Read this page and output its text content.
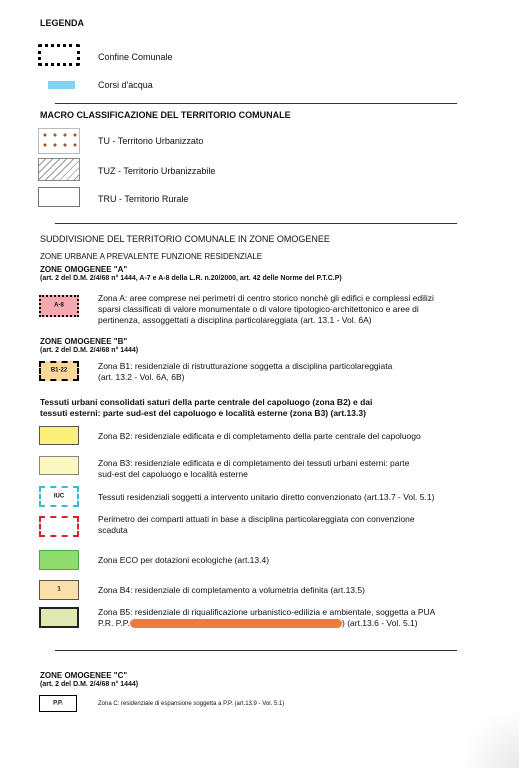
LEGENDA
Confine Comunale
Corsi d'acqua
MACRO CLASSIFICAZIONE DEL TERRITORIO COMUNALE
TU - Territorio Urbanizzato
TUZ - Territorio Urbanizzabile
TRU - Territorio Rurale
SUDDIVISIONE DEL TERRITORIO COMUNALE IN ZONE OMOGENEE
ZONE URBANE A PREVALENTE FUNZIONE RESIDENZIALE
ZONE OMOGENEE "A"
(art. 2 del D.M. 2/4/68 n° 1444, A-7 e A-8 della L.R. n.20/2000, art. 42 delle Norme del P.T.C.P)
A-8
Zona A: aree comprese nei perimetri di centro storico nonchè gli edifici e complessi edilizi
sparsi classificati di valore monumentale o di valore tipologico-architettonico e aree di
pertinenza, assoggettati a disciplina particolareggiata (art. 13.1 - Vol. 6A)
ZONE OMOGENEE "B"
(art. 2 del D.M. 2/4/68 n° 1444)
B1-22	Zona B1: residenziale di ristrutturazione soggetta a disciplina particolareggiata
(art. 13.2 - Vol. 6A, 6B)
Tessuti urbani consolidati saturi della parte centrale del capoluogo (zona B2) e dai
tessuti esterni: parte sud-est del capoluogo e località esterne (zona B3) (art.13.3)
Zona B2: residenziale edificata e di completamento della parte centrale del capoluogo
Zona B3: residenziale edificata e di completamento dei tessuti urbani esterni: parte
sud-est del capoluogo e località esterne
IUC	Tessuti residenziali soggetti a intervento unitario diretto convenzionato (art.13.7 - Vol. 5.1)
Perimetro dei comparti attuati in base a disciplina particolareggiata con convenzione
scaduta
Zona ECO per dotazioni ecologiche (art.13.4)
1	Zona B4: residenziale di completamento a volumetria definita (art.13.5)
Zona B5: residenziale di riqualificazione urbanistico-edilizia e ambientale, soggetta a PUA
P.R. P.P.	) (art.13.6 - Vol. 5.1)
ZONE OMOGENEE "C"
(art. 2 del D.M. 2/4/68 n° 1444)
P.P.	Zona C: residenziale di espansione soggetta a P.P. (art.13.9 - Vol. 5.1)
